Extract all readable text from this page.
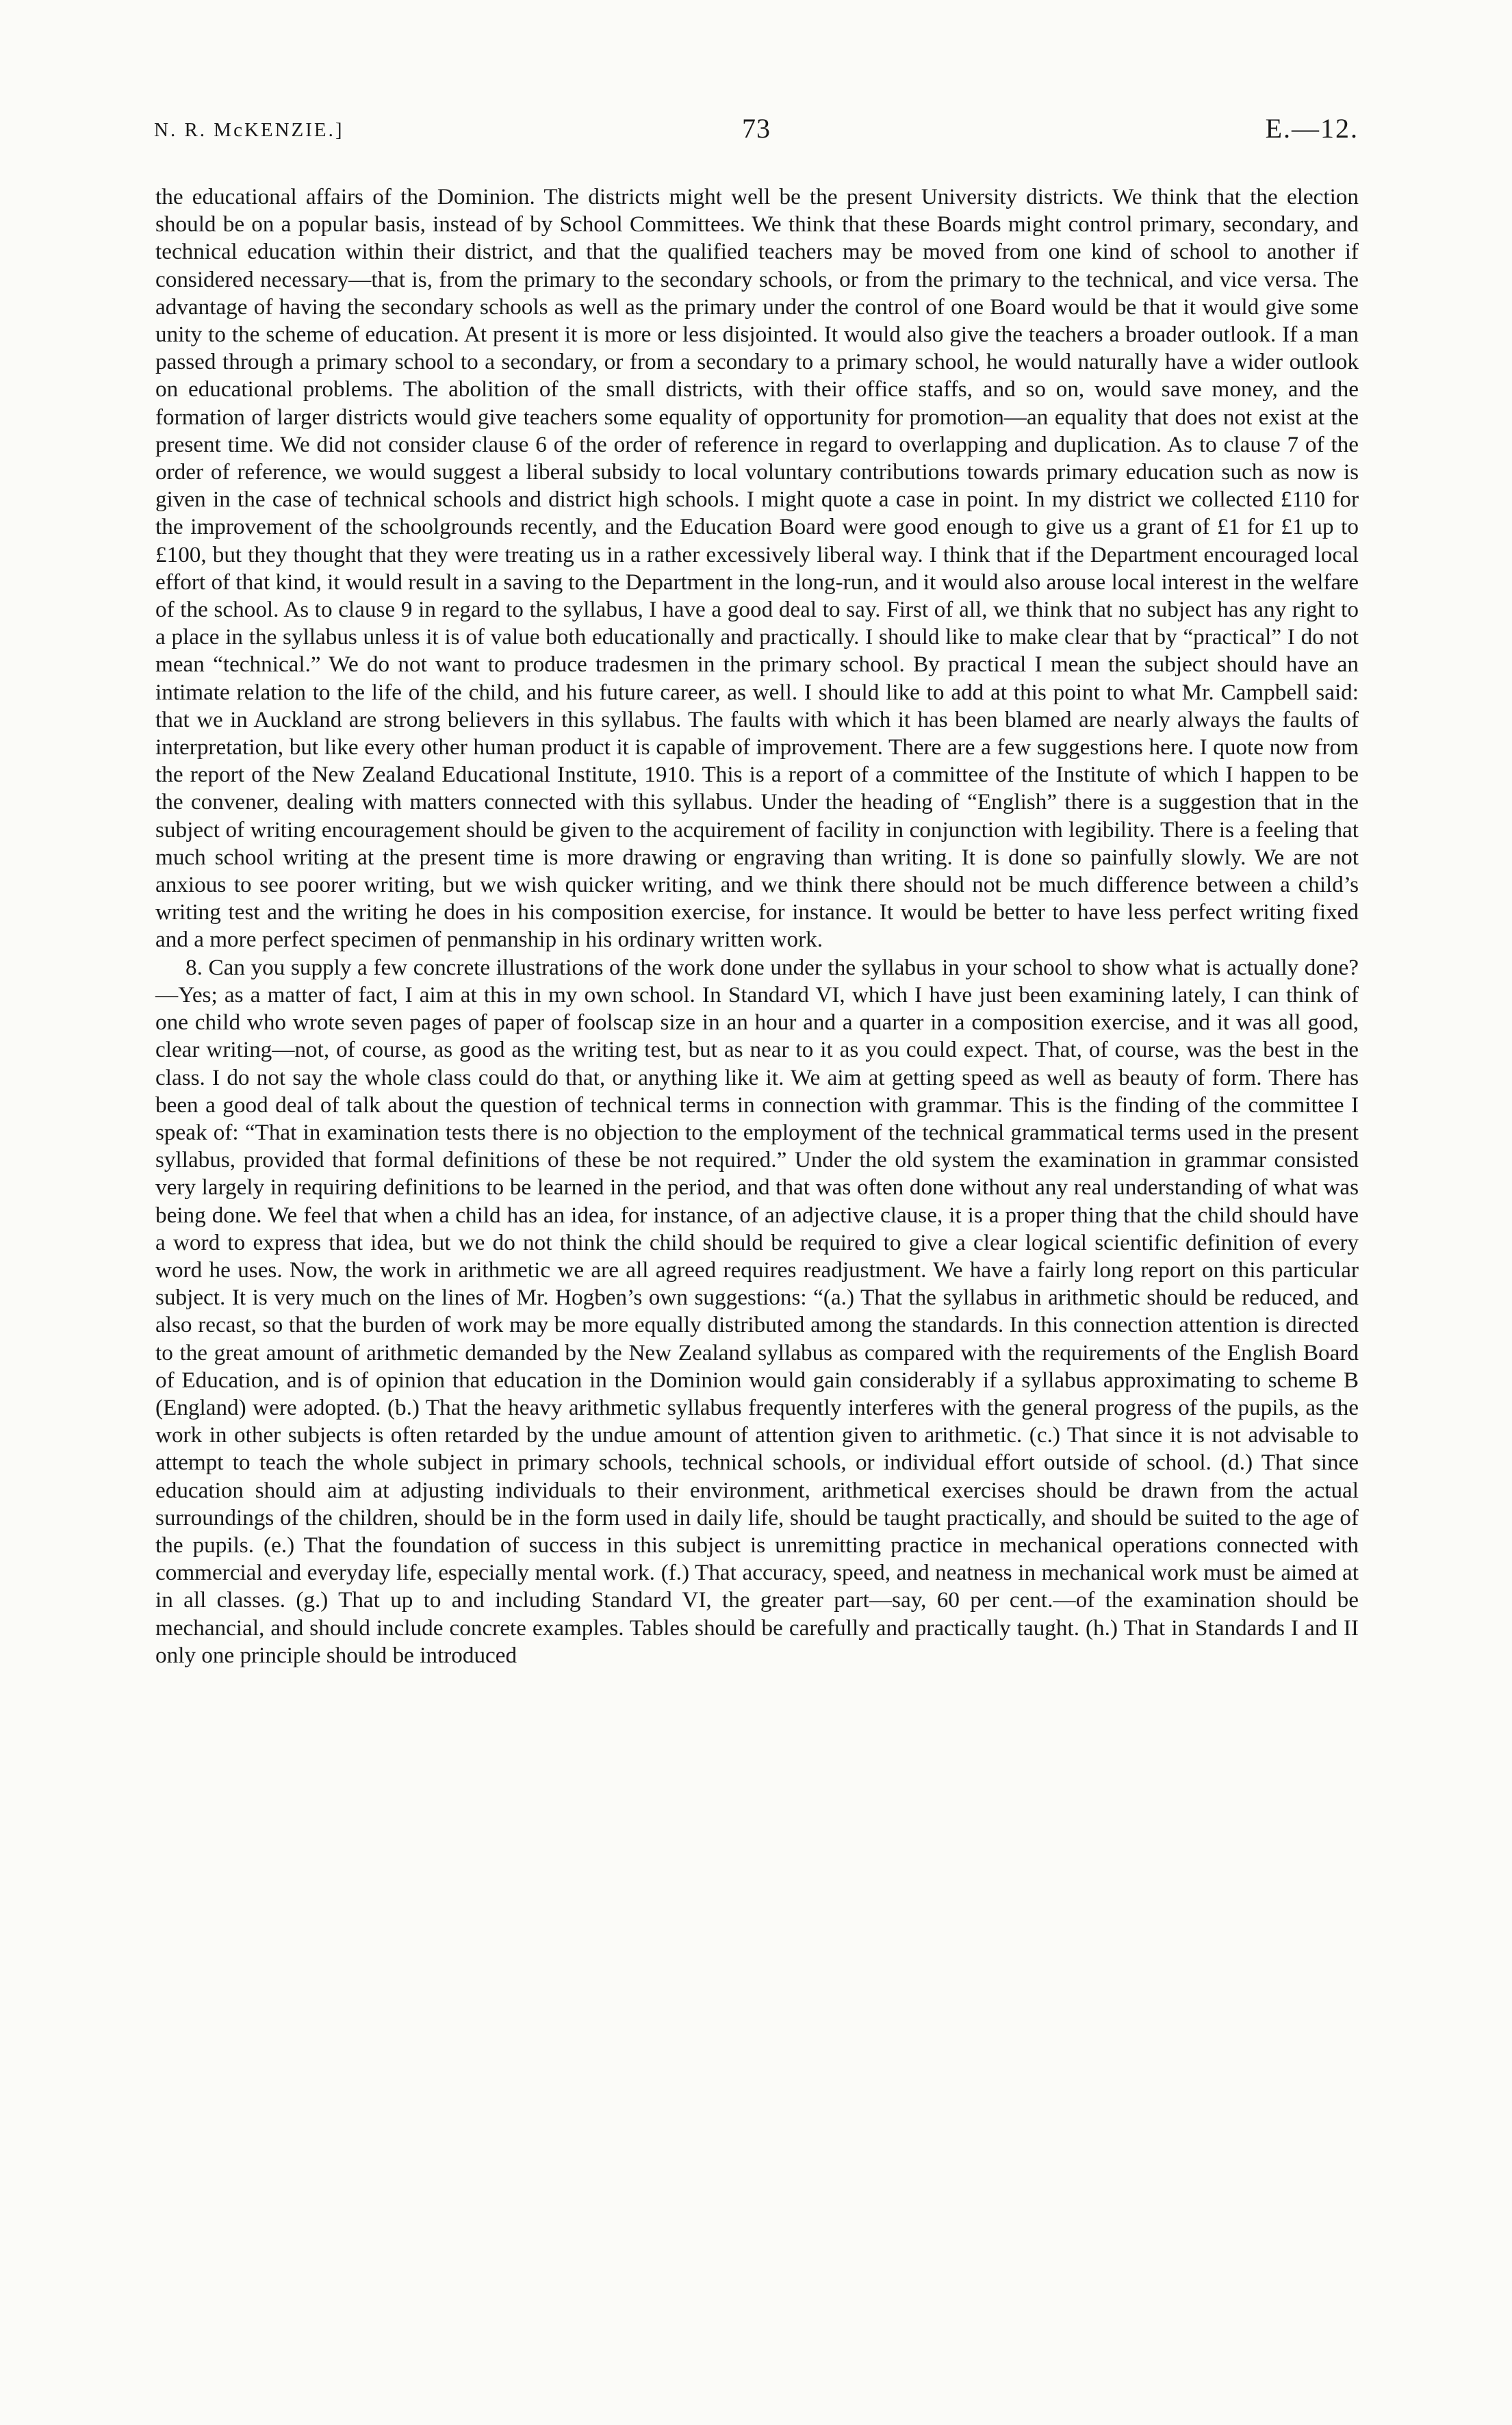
N. R. McKENZIE.]	73	E.—12.

the educational affairs of the Dominion. The districts might well be the present University districts. We think that the election should be on a popular basis, instead of by School Committees. We think that these Boards might control primary, secondary, and technical education within their district, and that the qualified teachers may be moved from one kind of school to another if considered necessary—that is, from the primary to the secondary schools, or from the primary to the technical, and vice versa. The advantage of having the secondary schools as well as the primary under the control of one Board would be that it would give some unity to the scheme of education. At present it is more or less disjointed. It would also give the teachers a broader outlook. If a man passed through a primary school to a secondary, or from a secondary to a primary school, he would naturally have a wider outlook on educational problems. The abolition of the small districts, with their office staffs, and so on, would save money, and the formation of larger districts would give teachers some equality of opportunity for promotion—an equality that does not exist at the present time. We did not consider clause 6 of the order of reference in regard to overlapping and duplication. As to clause 7 of the order of reference, we would suggest a liberal subsidy to local voluntary contributions towards primary education such as now is given in the case of technical schools and district high schools. I might quote a case in point. In my district we collected £110 for the improvement of the schoolgrounds recently, and the Education Board were good enough to give us a grant of £1 for £1 up to £100, but they thought that they were treating us in a rather excessively liberal way. I think that if the Department encouraged local effort of that kind, it would result in a saving to the Department in the long-run, and it would also arouse local interest in the welfare of the school. As to clause 9 in regard to the syllabus, I have a good deal to say. First of all, we think that no subject has any right to a place in the syllabus unless it is of value both educationally and practically. I should like to make clear that by “practical” I do not mean “technical.” We do not want to produce tradesmen in the primary school. By practical I mean the subject should have an intimate relation to the life of the child, and his future career, as well. I should like to add at this point to what Mr. Campbell said: that we in Auckland are strong believers in this syllabus. The faults with which it has been blamed are nearly always the faults of interpretation, but like every other human product it is capable of improvement. There are a few suggestions here. I quote now from the report of the New Zealand Educational Institute, 1910. This is a report of a committee of the Institute of which I happen to be the convener, dealing with matters connected with this syllabus. Under the heading of “English” there is a suggestion that in the subject of writing encouragement should be given to the acquirement of facility in conjunction with legibility. There is a feeling that much school writing at the present time is more drawing or engraving than writing. It is done so painfully slowly. We are not anxious to see poorer writing, but we wish quicker writing, and we think there should not be much difference between a child’s writing test and the writing he does in his composition exercise, for instance. It would be better to have less perfect writing fixed and a more perfect specimen of penmanship in his ordinary written work.

8. Can you supply a few concrete illustrations of the work done under the syllabus in your school to show what is actually done?—Yes; as a matter of fact, I aim at this in my own school. In Standard VI, which I have just been examining lately, I can think of one child who wrote seven pages of paper of foolscap size in an hour and a quarter in a composition exercise, and it was all good, clear writing—not, of course, as good as the writing test, but as near to it as you could expect. That, of course, was the best in the class. I do not say the whole class could do that, or anything like it. We aim at getting speed as well as beauty of form. There has been a good deal of talk about the question of technical terms in connection with grammar. This is the finding of the committee I speak of: “That in examination tests there is no objection to the employment of the technical grammatical terms used in the present syllabus, provided that formal definitions of these be not required.” Under the old system the examination in grammar consisted very largely in requiring definitions to be learned in the period, and that was often done without any real understanding of what was being done. We feel that when a child has an idea, for instance, of an adjective clause, it is a proper thing that the child should have a word to express that idea, but we do not think the child should be required to give a clear logical scientific definition of every word he uses. Now, the work in arithmetic we are all agreed requires readjustment. We have a fairly long report on this particular subject. It is very much on the lines of Mr. Hogben’s own suggestions: “(a.) That the syllabus in arithmetic should be reduced, and also recast, so that the burden of work may be more equally distributed among the standards. In this connection attention is directed to the great amount of arithmetic demanded by the New Zealand syllabus as compared with the requirements of the English Board of Education, and is of opinion that education in the Dominion would gain considerably if a syllabus approximating to scheme B (England) were adopted. (b.) That the heavy arithmetic syllabus frequently interferes with the general progress of the pupils, as the work in other subjects is often retarded by the undue amount of attention given to arithmetic. (c.) That since it is not advisable to attempt to teach the whole subject in primary schools, technical schools, or individual effort outside of school. (d.) That since education should aim at adjusting individuals to their environment, arithmetical exercises should be drawn from the actual surroundings of the children, should be in the form used in daily life, should be taught practically, and should be suited to the age of the pupils. (e.) That the foundation of success in this subject is unremitting practice in mechanical operations connected with commercial and everyday life, especially mental work. (f.) That accuracy, speed, and neatness in mechanical work must be aimed at in all classes. (g.) That up to and including Standard VI, the greater part—say, 60 per cent.—of the examination should be mechancial, and should include concrete examples. Tables should be carefully and practically taught. (h.) That in Standards I and II only one principle should be introduced
